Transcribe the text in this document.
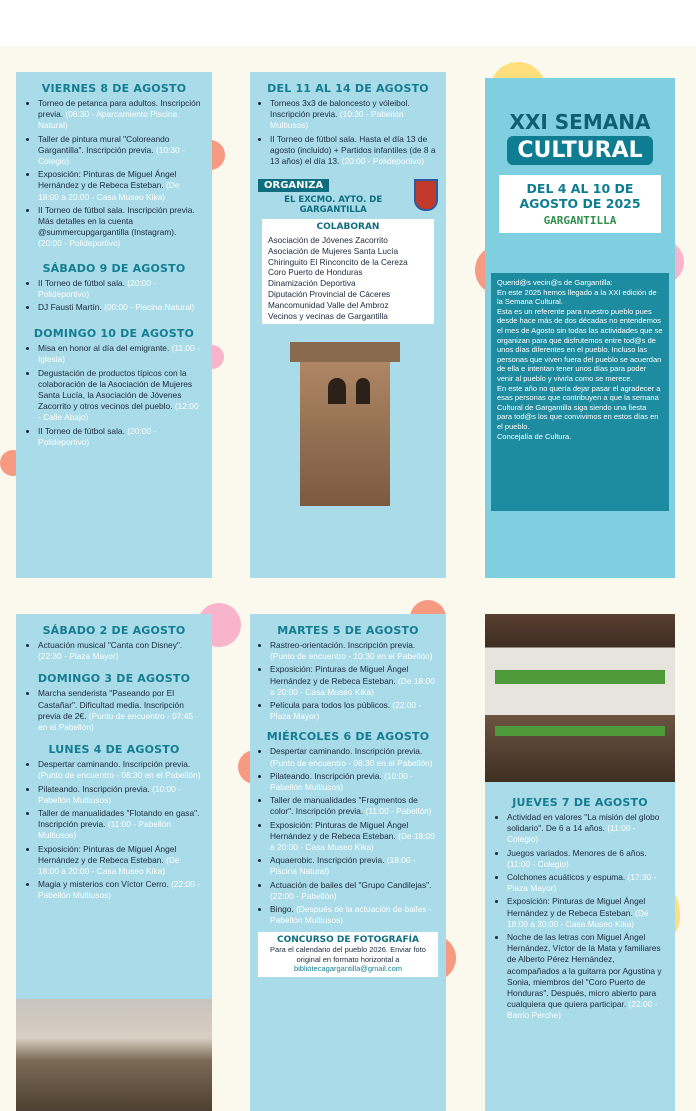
VIERNES 8 DE AGOSTO
• Torneo de petanca para adultos. Inscripción previa. (08:30 - Aparcamiento Piscina Natural)
• Taller de pintura mural "Coloreando Gargantilla". Inscripción previa. (10:30 - Colegio)
• Exposición: Pinturas de Miguel Ángel Hernández y de Rebeca Esteban. (De 18:00 a 20:00 - Casa Museo Kika)
• II Torneo de fútbol sala. Inscripción previa. Más detalles en la cuenta @summercupgargantilla (Instagram). (20:00 - Polideportivo)
SÁBADO 9 DE AGOSTO
• II Torneo de fútbol sala. (20:00 - Polideportivo)
• DJ Fausti Martín. (00:00 - Piscina Natural)
DOMINGO 10 DE AGOSTO
• Misa en honor al día del emigrante. (11:00 - Iglesia)
• Degustación de productos típicos con la colaboración de la Asociación de Mujeres Santa Lucía, la Asociación de Jóvenes Zacorrito y otros vecinos del pueblo. (12:00 - Calle Abajo)
• II Torneo de fútbol sala. (20:00 - Polideportivo)
DEL 11 AL 14 DE AGOSTO
• Torneos 3x3 de baloncesto y vóleibol. Inscripción previa. (10:30 - Pabellón Multiusos)
• II Torneo de fútbol sala. Hasta el día 13 de agosto (incluido) + Partidos infantiles (de 8 a 13 años) el día 13. (20:00 - Polideportivo)
ORGANIZA
EL EXCMO. AYTO. DE GARGANTILLA
COLABORAN
Asociación de Jóvenes Zacorrito
Asociación de Mujeres Santa Lucía
Chiringuito El Rinconcito de la Cereza
Coro Puerto de Honduras
Dinamización Deportiva
Diputación Provincial de Cáceres
Mancomunidad Valle del Ambroz
Vecinos y vecinas de Gargantilla
XXI SEMANA
CULTURAL
DEL 4 AL 10 DE AGOSTO DE 2025
GARGANTILLA
Querid@s vecin@s de Gargantilla:
En este 2025 hemos llegado a la XXI edición de la Semana Cultural.
Esta es un referente para nuestro pueblo pues desde hace más de dos décadas no entendemos el mes de Agosto sin todas las actividades que se organizan para que disfrutemos entre tod@s de unos días diferentes en el pueblo. Incluso las personas que viven fuera del pueblo se acuerdan de ella e intentan tener unos días para poder venir al pueblo y vivirla como se merece.
En este año no quería dejar pasar el agradecer a esas personas que contribuyen a que la semana Cultural de Gargantilla siga siendo una fiesta para tod@s los que convivimos en estos días en el pueblo.
Concejalía de Cultura.
SÁBADO 2 DE AGOSTO
• Actuación musical "Canta con Disney". (22:30 - Plaza Mayor)
DOMINGO 3 DE AGOSTO
• Marcha senderista "Paseando por El Castañar". Dificultad media. Inscripción previa de 2€. (Punto de encuentro - 07:45 en el Pabellón)
LUNES 4 DE AGOSTO
• Despertar caminando. Inscripción previa. (Punto de encuentro - 08:30 en el Pabellón)
• Pilateando. Inscripción previa. (10:00 - Pabellón Multiusos)
• Taller de manualidades "Flotando en gasa". Inscripción previa. (11:00 - Pabellón Multiusos)
• Exposición: Pinturas de Miguel Ángel Hernández y de Rebeca Esteban. (De 18:00 a 20:00 - Casa Museo Kika)
• Magia y misterios con Víctor Cerro. (22:00 - Pabellón Multiusos)
MARTES 5 DE AGOSTO
• Rastreo-orientación. Inscripción previa. (Punto de encuentro - 10:30 en el Pabellón)
• Exposición: Pinturas de Miguel Ángel Hernández y de Rebeca Esteban. (De 18:00 a 20:00 - Casa Museo Kika)
• Película para todos los públicos. (22:00 - Plaza Mayor)
MIÉRCOLES 6 DE AGOSTO
• Despertar caminando. Inscripción previa. (Punto de encuentro - 08:30 en el Pabellón)
• Pilateando. Inscripción previa. (10:00 - Pabellón Multiusos)
• Taller de manualidades "Fragmentos de color". Inscripción previa. (11:00 - Pabellón)
• Exposición: Pinturas de Miguel Ángel Hernández y de Rebeca Esteban. (De 18:00 a 20:00 - Casa Museo Kika)
• Aquaerobic. Inscripción previa. (18:00 - Piscina Natural)
• Actuación de bailes del "Grupo Candilejas". (22:00 - Pabellón)
• Bingo. (Después de la actuación de bailes - Pabellón Multiusos)
CONCURSO DE FOTOGRAFÍA
Para el calendario del pueblo 2026. Enviar foto original en formato horizontal a
bibliotecagargantilla@gmail.com
JUEVES 7 DE AGOSTO
• Actividad en valores "La misión del globo solidario". De 6 a 14 años. (11:00 - Colegio)
• Juegos variados. Menores de 6 años. (11:00 - Colegio)
• Colchones acuáticos y espuma. (17:30 - Plaza Mayor)
• Exposición: Pinturas de Miguel Ángel Hernández y de Rebeca Esteban. (De 18:00 a 20:00 - Casa Museo Kika)
• Noche de las letras con Miguel Ángel Hernández, Víctor de la Mata y familiares de Alberto Pérez Hernández, acompañados a la guitarra por Agustina y Sonia, miembros del "Coro Puerto de Honduras". Después, micro abierto para cualquiera que quiera participar. (22:00 - Barrio Perche)
